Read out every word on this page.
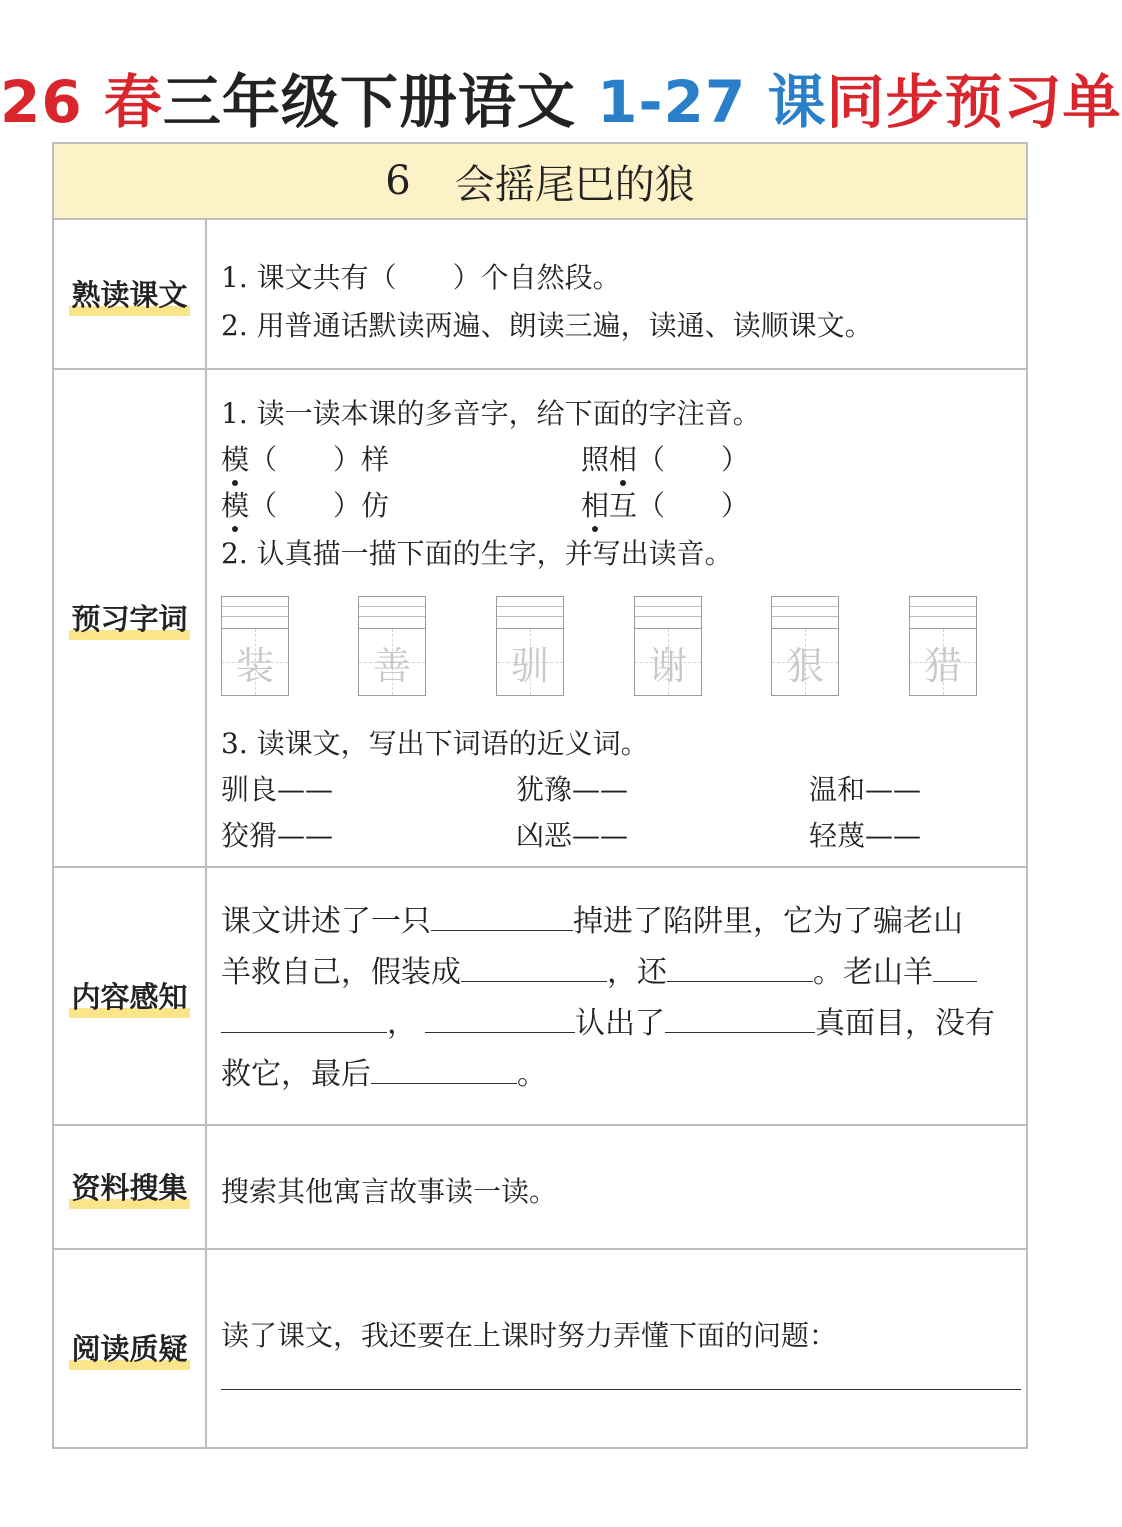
26 春三年级下册语文 1-27 课同步预习单
6 会摇尾巴的狼
熟读课文 1. 课文共有（　　）个自然段。
2. 用普通话默读两遍、朗读三遍，读通、读顺课文。
预习字词
1. 读一读本课的多音字，给下面的字注音。
模（　　）样
模（　　）仿
照相（　　）
相互（　　）
2. 认真描一描下面的生字，并写出读音。
装	善	驯	谢	狠	猎
3. 读课文，写出下词语的近义词。
驯良——	犹豫——	温和——
狡猾——	凶恶——	轻蔑——
内容感知
课文讲述了一只	掉进了陷阱里，它为了骗老山
羊救自己，假装成	，还	。老山羊
，	认出了	真面目，没有
救它，最后	。
资料搜集 搜索其他寓言故事读一读。
阅读质疑 读了课文，我还要在上课时努力弄懂下面的问题：
